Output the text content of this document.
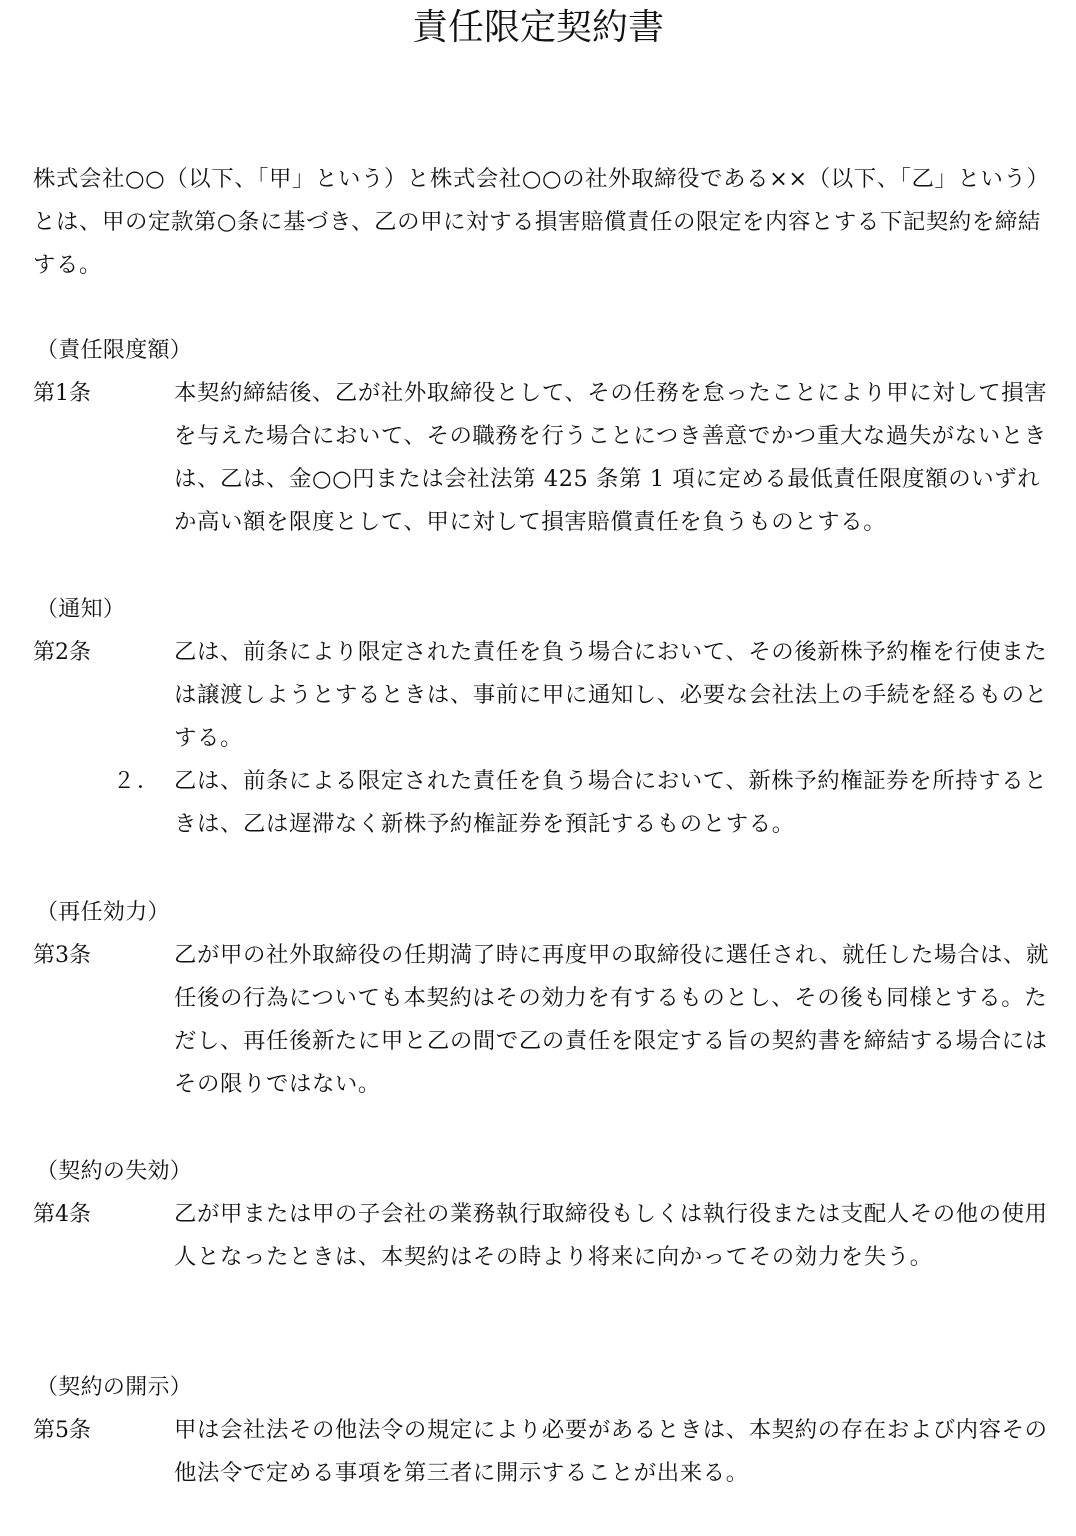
責任限定契約書
株式会社○○（以下、「甲」という）と株式会社○○の社外取締役である××（以下、「乙」という）とは、甲の定款第○条に基づき、乙の甲に対する損害賠償責任の限定を内容とする下記契約を締結する。
（責任限度額）
第1条	本契約締結後、乙が社外取締役として、その任務を怠ったことにより甲に対して損害を与えた場合において、その職務を行うことにつき善意でかつ重大な過失がないときは、乙は、金○○円または会社法第 425 条第 1 項に定める最低責任限度額のいずれか高い額を限度として、甲に対して損害賠償責任を負うものとする。
（通知）
第2条	乙は、前条により限定された責任を負う場合において、その後新株予約権を行使または譲渡しようとするときは、事前に甲に通知し、必要な会社法上の手続を経るものとする。
２． 乙は、前条による限定された責任を負う場合において、新株予約権証券を所持するときは、乙は遅滞なく新株予約権証券を預託するものとする。
（再任効力）
第3条	乙が甲の社外取締役の任期満了時に再度甲の取締役に選任され、就任した場合は、就任後の行為についても本契約はその効力を有するものとし、その後も同様とする。ただし、再任後新たに甲と乙の間で乙の責任を限定する旨の契約書を締結する場合にはその限りではない。
（契約の失効）
第4条	乙が甲または甲の子会社の業務執行取締役もしくは執行役または支配人その他の使用人となったときは、本契約はその時より将来に向かってその効力を失う。
（契約の開示）
第5条	甲は会社法その他法令の規定により必要があるときは、本契約の存在および内容その他法令で定める事項を第三者に開示することが出来る。
